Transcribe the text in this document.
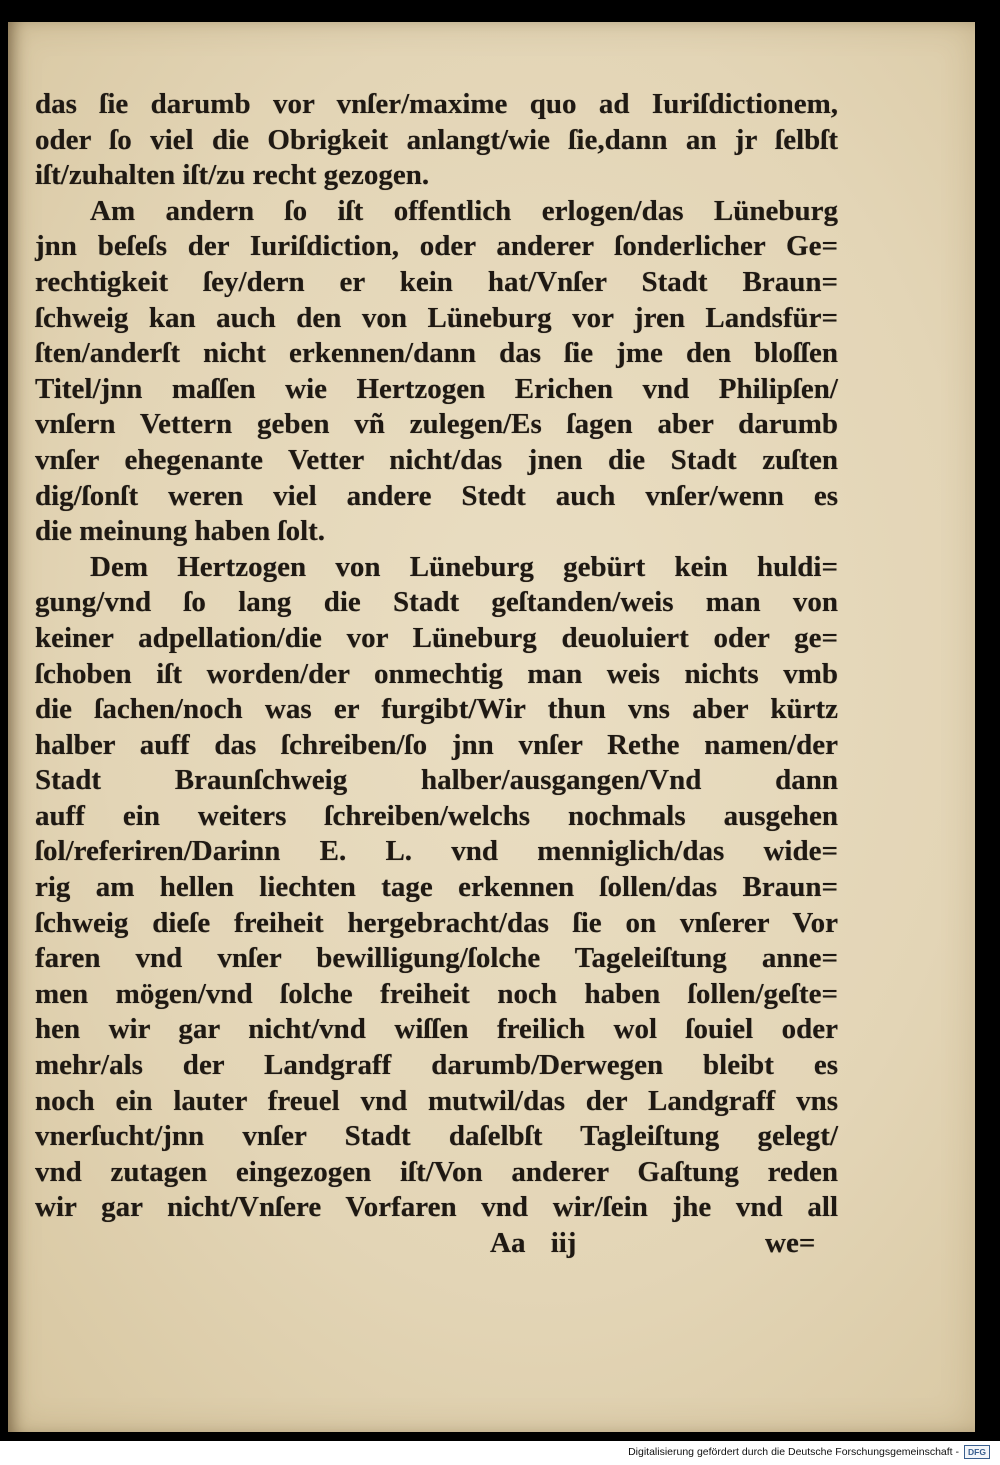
das ſie darumb vor vnſer/maxime quo ad Iuriſdictionem,
oder ſo viel die Obrigkeit anlangt/wie ſie,dann an jr ſelbſt
iſt/zuhalten iſt/zu recht gezogen.
Am andern ſo iſt offentlich erlogen/das Lüneburg
jnn beſeſs der Iuriſdiction, oder anderer ſonderlicher Ge=
rechtigkeit ſey/dern er kein hat/Vnſer Stadt Braun=
ſchweig kan auch den von Lüneburg vor jren Landsfür=
ſten/anderſt nicht erkennen/dann das ſie jme den bloſſen
Titel/jnn maſſen wie Hertzogen Erichen vnd Philipſen/
vnſern Vettern geben vñ zulegen/Es ſagen aber darumb
vnſer ehegenante Vetter nicht/das jnen die Stadt zuſten
dig/ſonſt weren viel andere Stedt auch vnſer/wenn es
die meinung haben ſolt.
Dem Hertzogen von Lüneburg gebürt kein huldi=
gung/vnd ſo lang die Stadt geſtanden/weis man von
keiner adpellation/die vor Lüneburg deuoluiert oder ge=
ſchoben iſt worden/der onmechtig man weis nichts vmb
die ſachen/noch was er furgibt/Wir thun vns aber kürtz
halber auff das ſchreiben/ſo jnn vnſer Rethe namen/der
Stadt Braunſchweig halber/ausgangen/Vnd dann
auff ein weiters ſchreiben/welchs nochmals ausgehen
ſol/referiren/Darinn E. L. vnd menniglich/das wide=
rig am hellen liechten tage erkennen ſollen/das Braun=
ſchweig dieſe freiheit hergebracht/das ſie on vnſerer Vor
faren vnd vnſer bewilligung/ſolche Tageleiſtung anne=
men mögen/vnd ſolche freiheit noch haben ſollen/geſte=
hen wir gar nicht/vnd wiſſen freilich wol ſouiel oder
mehr/als der Landgraff darumb/Derwegen bleibt es
noch ein lauter freuel vnd mutwil/das der Landgraff vns
vnerſucht/jnn vnſer Stadt daſelbſt Tagleiſtung gelegt/
vnd zutagen eingezogen iſt/Von anderer Gaſtung reden
wir gar nicht/Vnſere Vorfaren vnd wir/ſein jhe vnd all
Aa iij	we=
Digitalisierung gefördert durch die Deutsche Forschungsgemeinschaft -	DFG
